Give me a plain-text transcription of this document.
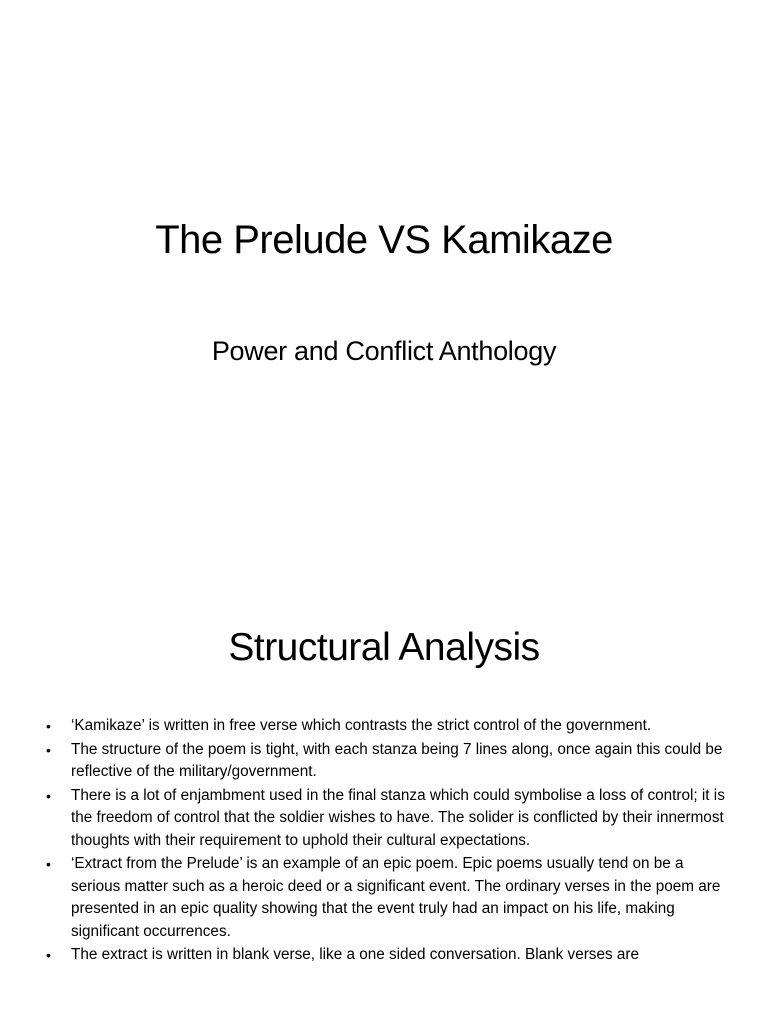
The Prelude VS Kamikaze
Power and Conflict Anthology
Structural Analysis
• ‘Kamikaze’ is written in free verse which contrasts the strict control of the government.
• The structure of the poem is tight, with each stanza being 7 lines along, once again this could be reflective of the military/government.
• There is a lot of enjambment used in the final stanza which could symbolise a loss of control; it is the freedom of control that the soldier wishes to have. The solider is conflicted by their innermost thoughts with their requirement to uphold their cultural expectations.
• ‘Extract from the Prelude’ is an example of an epic poem. Epic poems usually tend on be a serious matter such as a heroic deed or a significant event. The ordinary verses in the poem are presented in an epic quality showing that the event truly had an impact on his life, making significant occurrences.
• The extract is written in blank verse, like a one sided conversation. Blank verses are
